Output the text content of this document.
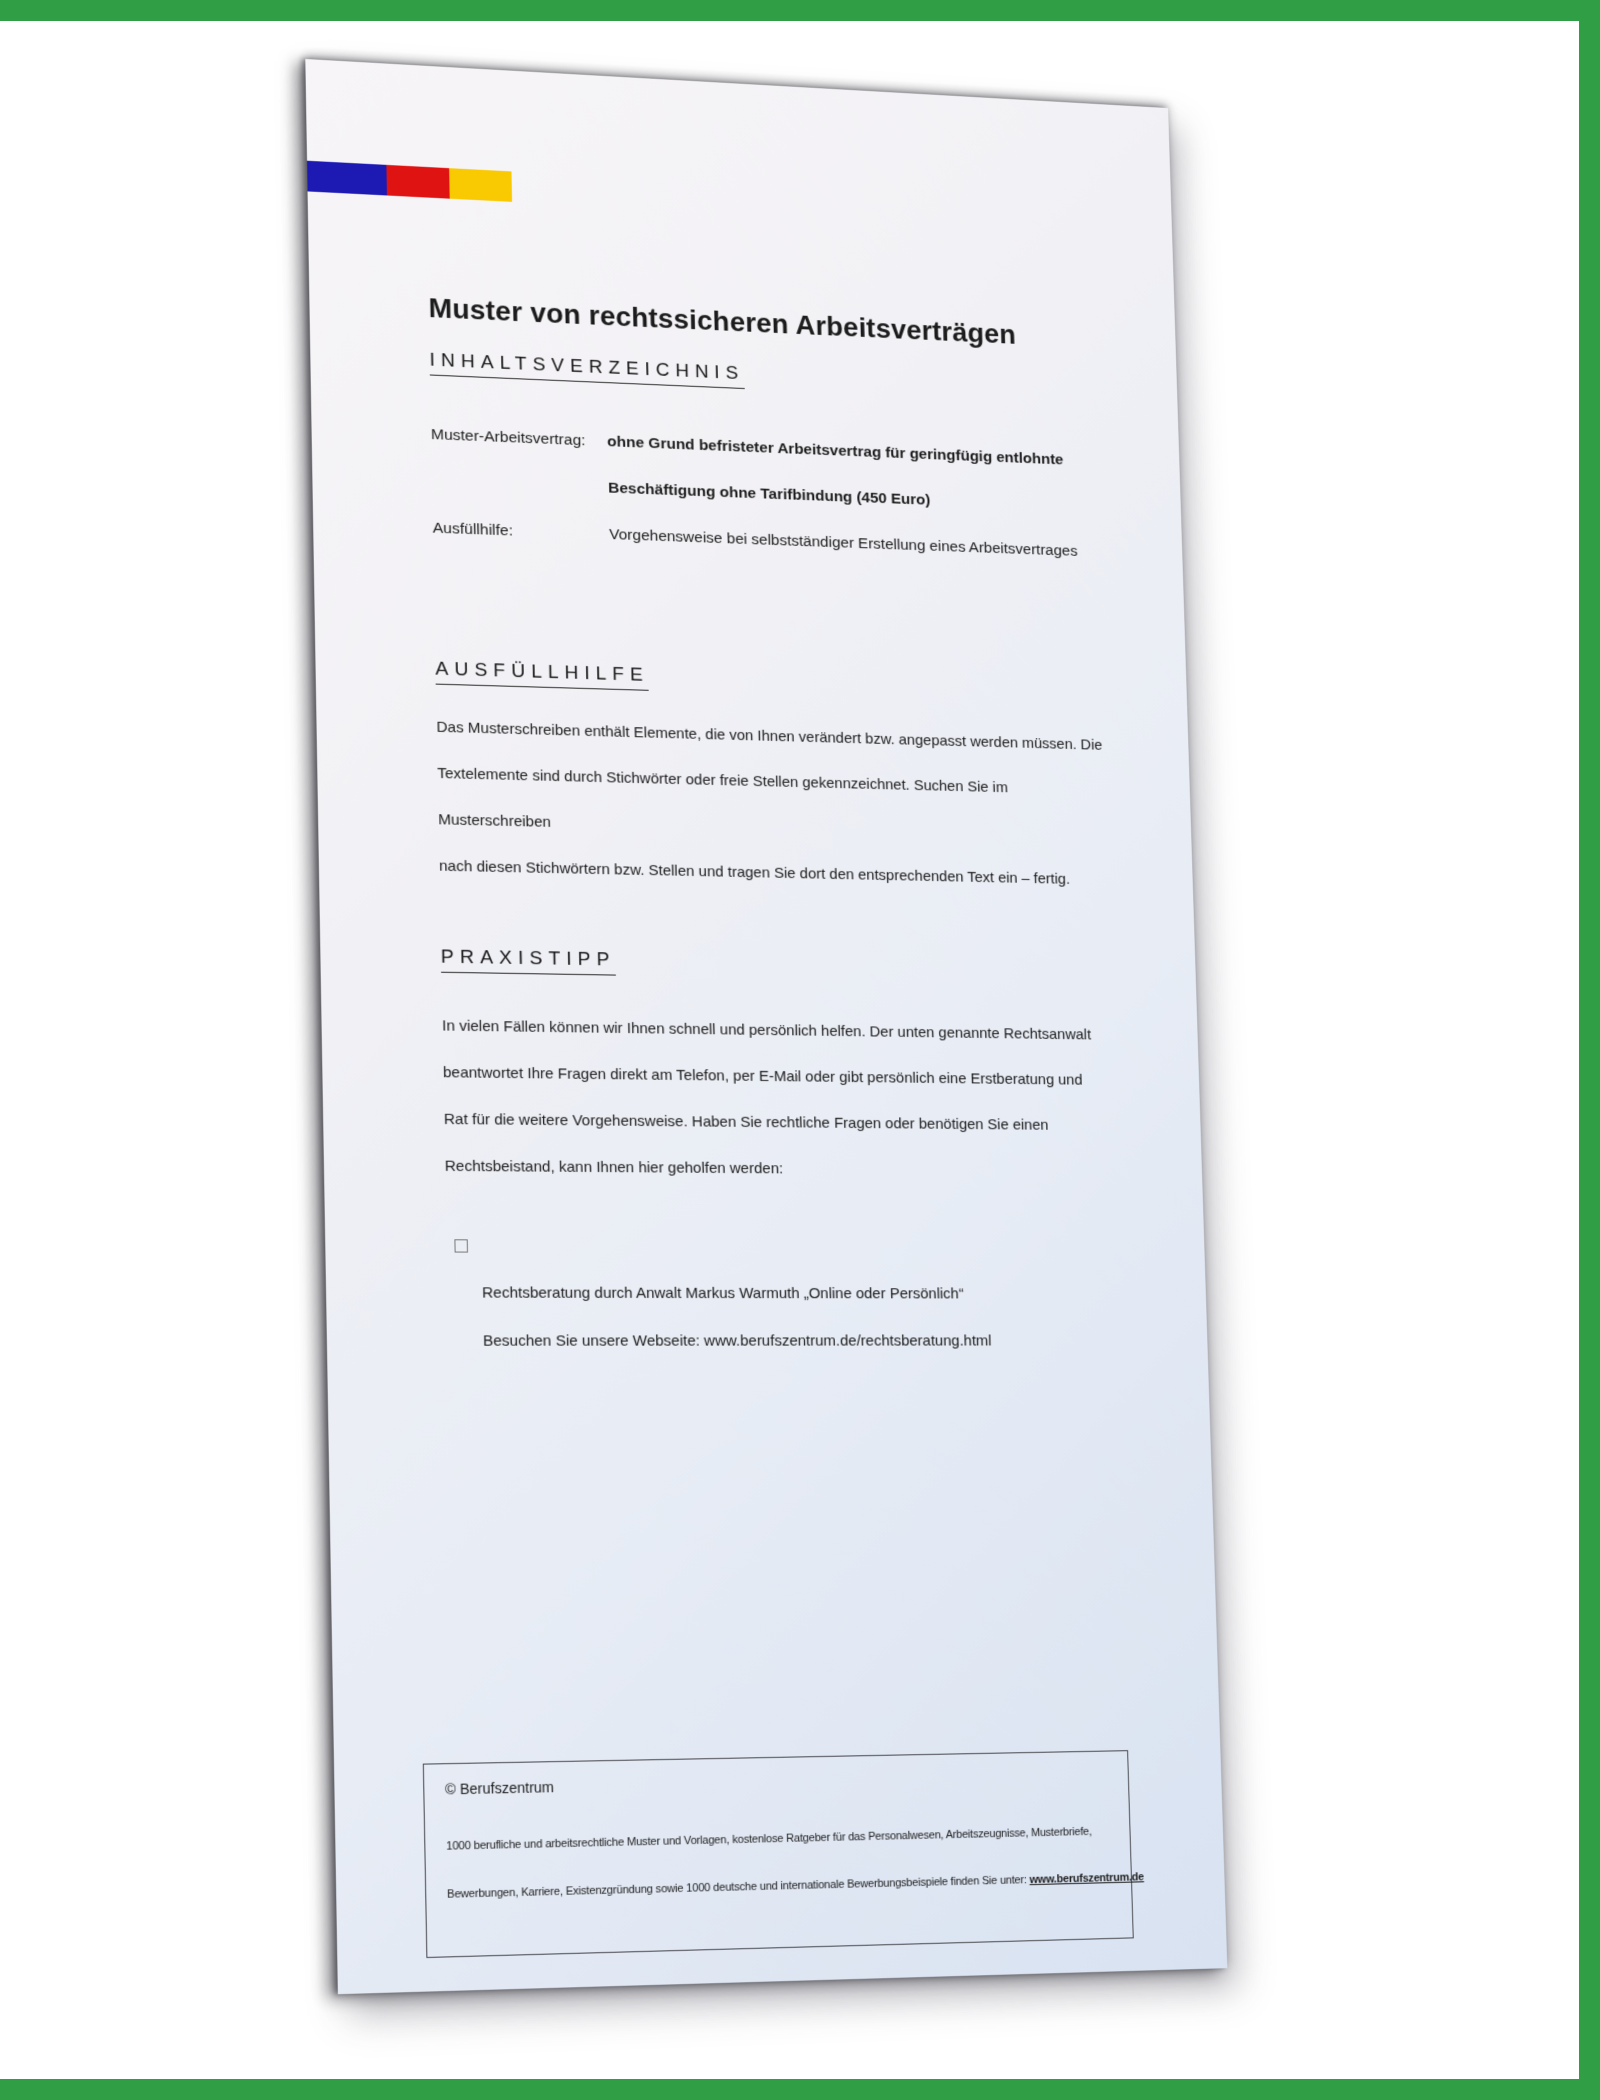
Muster von rechtssicheren Arbeitsverträgen
INHALTSVERZEICHNIS
Muster-Arbeitsvertrag:	ohne Grund befristeter Arbeitsvertrag für geringfügig entlohnte
Beschäftigung ohne Tarifbindung (450 Euro)
Ausfüllhilfe:	Vorgehensweise bei selbstständiger Erstellung eines Arbeitsvertrages
AUSFÜLLHILFE
Das Musterschreiben enthält Elemente, die von Ihnen verändert bzw. angepasst werden müssen. Die
Textelemente sind durch Stichwörter oder freie Stellen gekennzeichnet. Suchen Sie im Musterschreiben
nach diesen Stichwörtern bzw. Stellen und tragen Sie dort den entsprechenden Text ein – fertig.
PRAXISTIPP
In vielen Fällen können wir Ihnen schnell und persönlich helfen. Der unten genannte Rechtsanwalt
beantwortet Ihre Fragen direkt am Telefon, per E-Mail oder gibt persönlich eine Erstberatung und
Rat für die weitere Vorgehensweise. Haben Sie rechtliche Fragen oder benötigen Sie einen
Rechtsbeistand, kann Ihnen hier geholfen werden:

Rechtsberatung durch Anwalt Markus Warmuth „Online oder Persönlich“
Besuchen Sie unsere Webseite: www.berufszentrum.de/rechtsberatung.html

© Berufszentrum
1000 berufliche und arbeitsrechtliche Muster und Vorlagen, kostenlose Ratgeber für das Personalwesen, Arbeitszeugnisse, Musterbriefe,
Bewerbungen, Karriere, Existenzgründung sowie 1000 deutsche und internationale Bewerbungsbeispiele finden Sie unter: www.berufszentrum.de
